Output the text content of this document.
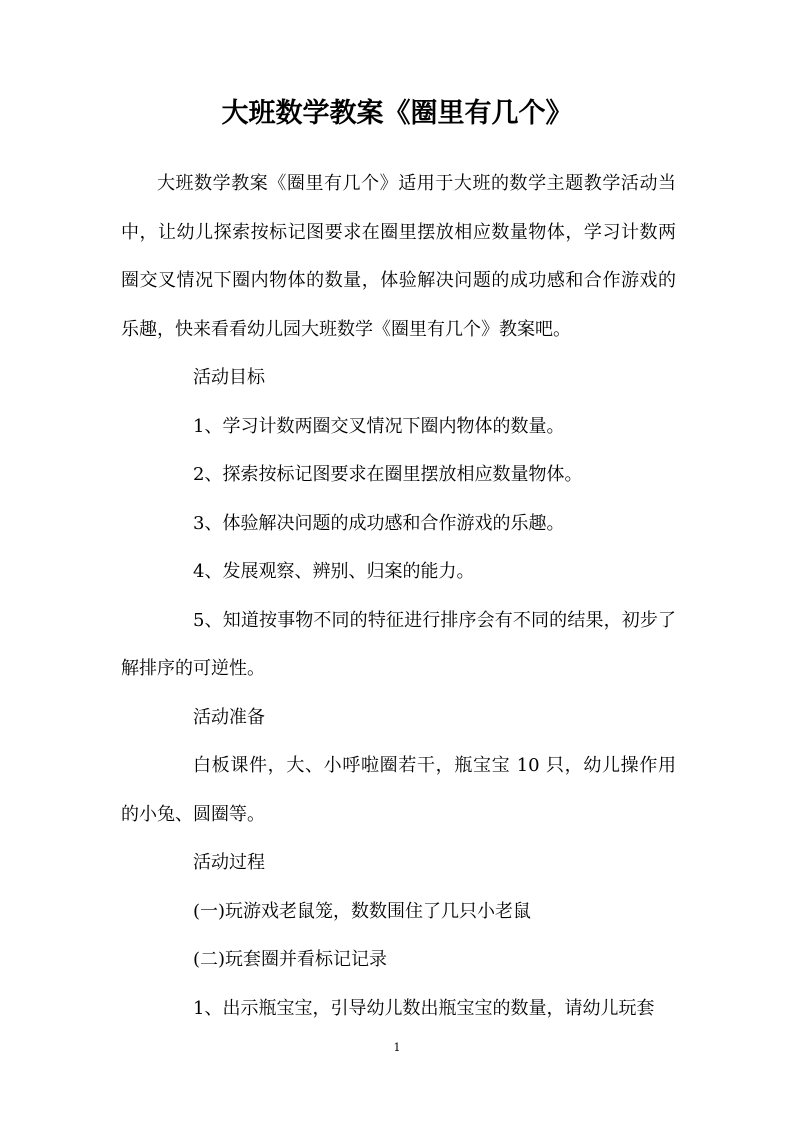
大班数学教案《圈里有几个》

大班数学教案《圈里有几个》适用于大班的数学主题教学活动当中，让幼儿探索按标记图要求在圈里摆放相应数量物体，学习计数两圈交叉情况下圈内物体的数量，体验解决问题的成功感和合作游戏的乐趣，快来看看幼儿园大班数学《圈里有几个》教案吧。

活动目标

1、学习计数两圈交叉情况下圈内物体的数量。

2、探索按标记图要求在圈里摆放相应数量物体。

3、体验解决问题的成功感和合作游戏的乐趣。

4、发展观察、辨别、归案的能力。

5、知道按事物不同的特征进行排序会有不同的结果，初步了解排序的可逆性。

活动准备

白板课件，大、小呼啦圈若干，瓶宝宝 10 只，幼儿操作用的小兔、圆圈等。

活动过程

(一)玩游戏老鼠笼，数数围住了几只小老鼠

(二)玩套圈并看标记记录

1、出示瓶宝宝，引导幼儿数出瓶宝宝的数量，请幼儿玩套

1
